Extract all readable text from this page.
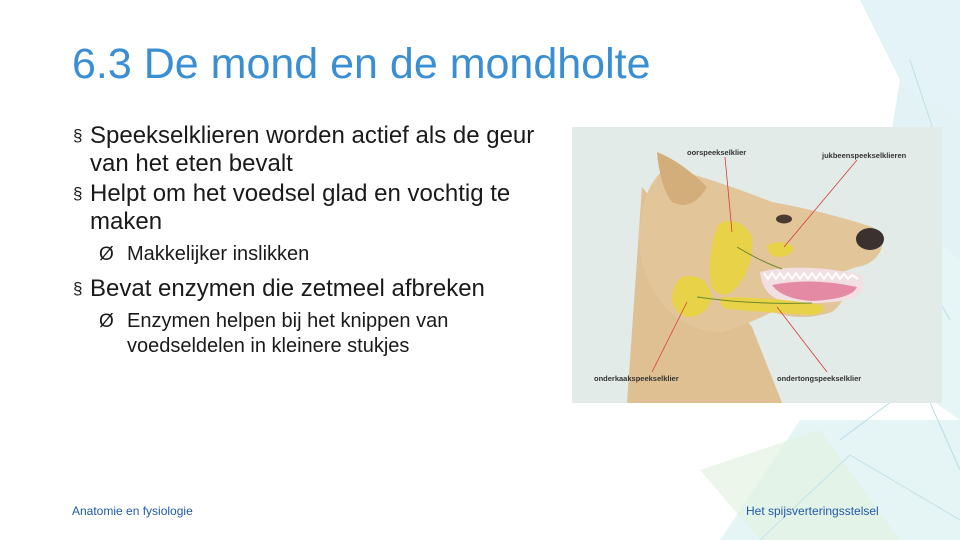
6.3 De mond en de mondholte
§ Speekselklieren worden actief als de geur van het eten bevalt
§ Helpt om het voedsel glad en vochtig te maken
Ø Makkelijker inslikken
§ Bevat enzymen die zetmeel afbreken
Ø Enzymen helpen bij het knippen van voedseldelen in kleinere stukjes
oorspeekselklier	jukbeenspeekselklieren
onderkaakspeekselklier	ondertongspeekselklier
Anatomie en fysiologie	Het spijsverteringsstelsel
